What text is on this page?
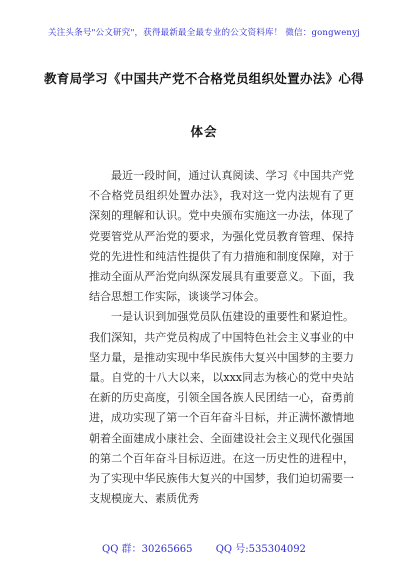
关注头条号"公文研究"，获得最新最全最专业的公文资料库！ 微信：gongwenyj
教育局学习《中国共产党不合格党员组织处置办法》心得
体会

最近一段时间，通过认真阅读、学习《中国共产党不合格党员组织处置办法》，我对这一党内法规有了更深刻的理解和认识。党中央颁布实施这一办法，体现了党要管党从严治党的要求，为强化党员教育管理、保持党的先进性和纯洁性提供了有力措施和制度保障，对于推动全面从严治党向纵深发展具有重要意义。下面，我结合思想工作实际，谈谈学习体会。

一是认识到加强党员队伍建设的重要性和紧迫性。我们深知，共产党员构成了中国特色社会主义事业的中坚力量，是推动实现中华民族伟大复兴中国梦的主要力量。自党的十八大以来，以xxx同志为核心的党中央站在新的历史高度，引领全国各族人民团结一心，奋勇前进，成功实现了第一个百年奋斗目标，并正满怀激情地朝着全面建成小康社会、全面建设社会主义现代化强国的第二个百年奋斗目标迈进。在这一历史性的进程中，为了实现中华民族伟大复兴的中国梦，我们迫切需要一支规模庞大、素质优秀

QQ 群：30265665 QQ 号:535304092
